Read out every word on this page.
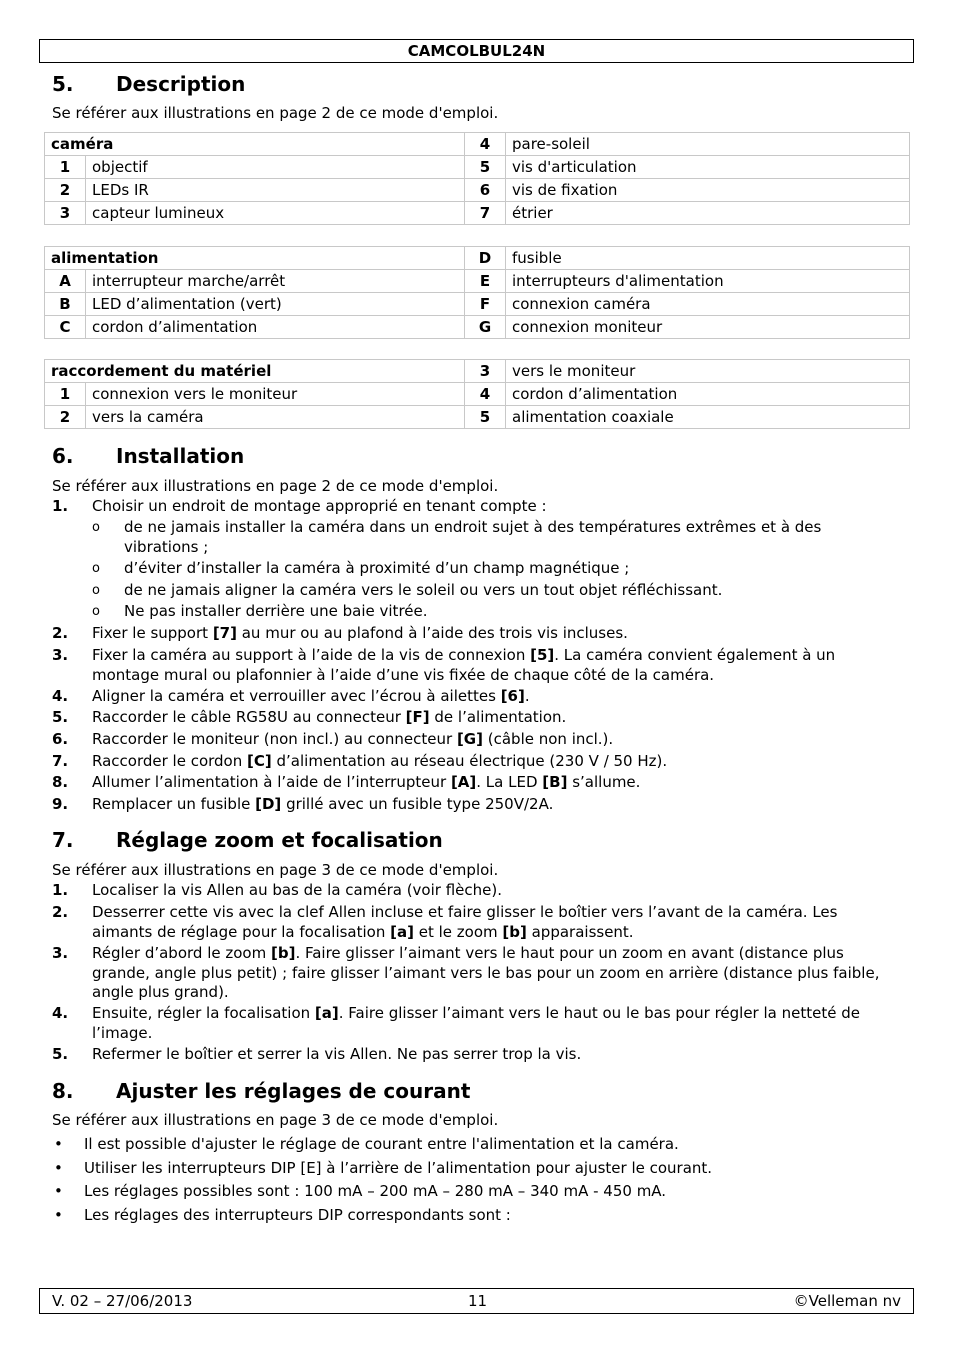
CAMCOLBUL24N
5. Description
Se référer aux illustrations en page 2 de ce mode d'emploi.
caméra		4	pare-soleil
1	objectif	5	vis d'articulation
2	LEDs IR	6	vis de fixation
3	capteur lumineux	7	étrier
alimentation		D	fusible
A	interrupteur marche/arrêt	E	interrupteurs d'alimentation
B	LED d’alimentation (vert)	F	connexion caméra
C	cordon d’alimentation	G	connexion moniteur
raccordement du matériel		3	vers le moniteur
1	connexion vers le moniteur	4	cordon d’alimentation
2	vers la caméra	5	alimentation coaxiale
6. Installation
Se référer aux illustrations en page 2 de ce mode d'emploi.
1. Choisir un endroit de montage approprié en tenant compte :
o de ne jamais installer la caméra dans un endroit sujet à des températures extrêmes et à des vibrations ;
o d’éviter d’installer la caméra à proximité d’un champ magnétique ;
o de ne jamais aligner la caméra vers le soleil ou vers un tout objet réfléchissant.
o Ne pas installer derrière une baie vitrée.
2. Fixer le support [7] au mur ou au plafond à l’aide des trois vis incluses.
3. Fixer la caméra au support à l’aide de la vis de connexion [5]. La caméra convient également à un montage mural ou plafonnier à l’aide d’une vis fixée de chaque côté de la caméra.
4. Aligner la caméra et verrouiller avec l’écrou à ailettes [6].
5. Raccorder le câble RG58U au connecteur [F] de l’alimentation.
6. Raccorder le moniteur (non incl.) au connecteur [G] (câble non incl.).
7. Raccorder le cordon [C] d’alimentation au réseau électrique (230 V / 50 Hz).
8. Allumer l’alimentation à l’aide de l’interrupteur [A]. La LED [B] s’allume.
9. Remplacer un fusible [D] grillé avec un fusible type 250V/2A.
7. Réglage zoom et focalisation
Se référer aux illustrations en page 3 de ce mode d'emploi.
1. Localiser la vis Allen au bas de la caméra (voir flèche).
2. Desserrer cette vis avec la clef Allen incluse et faire glisser le boîtier vers l’avant de la caméra. Les aimants de réglage pour la focalisation [a] et le zoom [b] apparaissent.
3. Régler d’abord le zoom [b]. Faire glisser l’aimant vers le haut pour un zoom en avant (distance plus grande, angle plus petit) ; faire glisser l’aimant vers le bas pour un zoom en arrière (distance plus faible, angle plus grand).
4. Ensuite, régler la focalisation [a]. Faire glisser l’aimant vers le haut ou le bas pour régler la netteté de l’image.
5. Refermer le boîtier et serrer la vis Allen. Ne pas serrer trop la vis.
8. Ajuster les réglages de courant
Se référer aux illustrations en page 3 de ce mode d'emploi.
• Il est possible d'ajuster le réglage de courant entre l'alimentation et la caméra.
• Utiliser les interrupteurs DIP [E] à l’arrière de l’alimentation pour ajuster le courant.
• Les réglages possibles sont : 100 mA – 200 mA – 280 mA – 340 mA - 450 mA.
• Les réglages des interrupteurs DIP correspondants sont :
V. 02 – 27/06/2013	11	©Velleman nv
